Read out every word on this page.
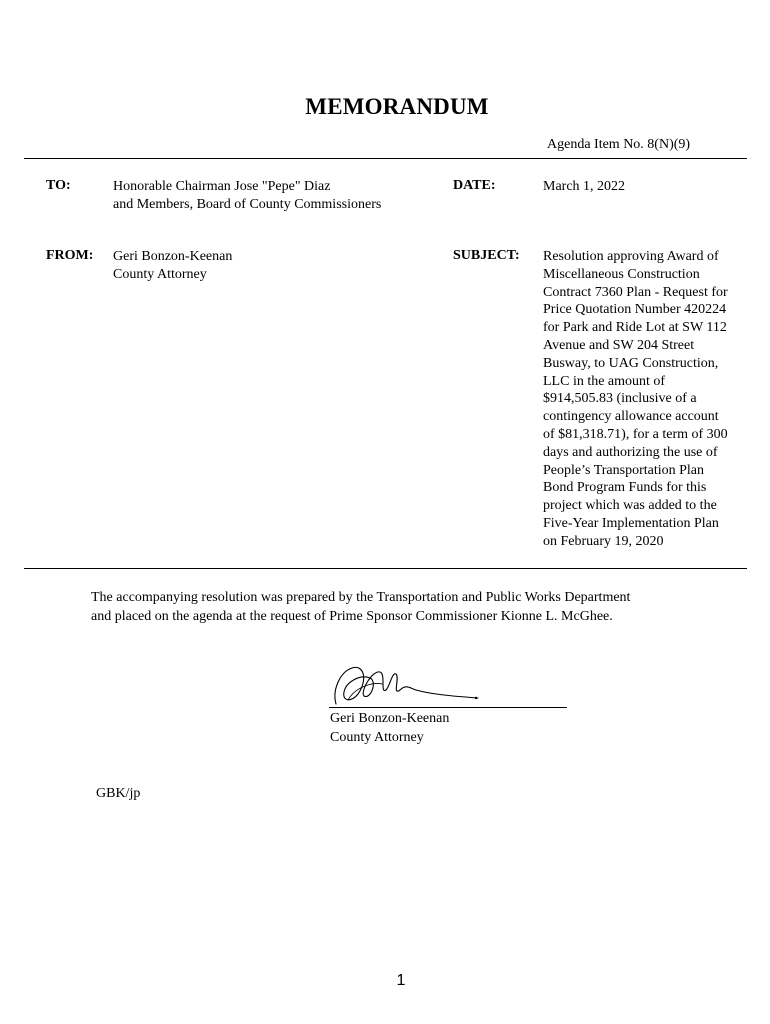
MEMORANDUM
Agenda Item No. 8(N)(9)
TO:	Honorable Chairman Jose "Pepe" Diaz
and Members, Board of County Commissioners
DATE:	March 1, 2022
FROM: Geri Bonzon-Keenan
County Attorney
SUBJECT: Resolution approving Award of
Miscellaneous Construction
Contract 7360 Plan - Request for
Price Quotation Number 420224
for Park and Ride Lot at SW 112
Avenue and SW 204 Street
Busway, to UAG Construction,
LLC in the amount of
$914,505.83 (inclusive of a
contingency allowance account
of $81,318.71), for a term of 300
days and authorizing the use of
People’s Transportation Plan
Bond Program Funds for this
project which was added to the
Five-Year Implementation Plan
on February 19, 2020
The accompanying resolution was prepared by the Transportation and Public Works Department
and placed on the agenda at the request of Prime Sponsor Commissioner Kionne L. McGhee.
Geri Bonzon-Keenan
County Attorney
GBK/jp
1
